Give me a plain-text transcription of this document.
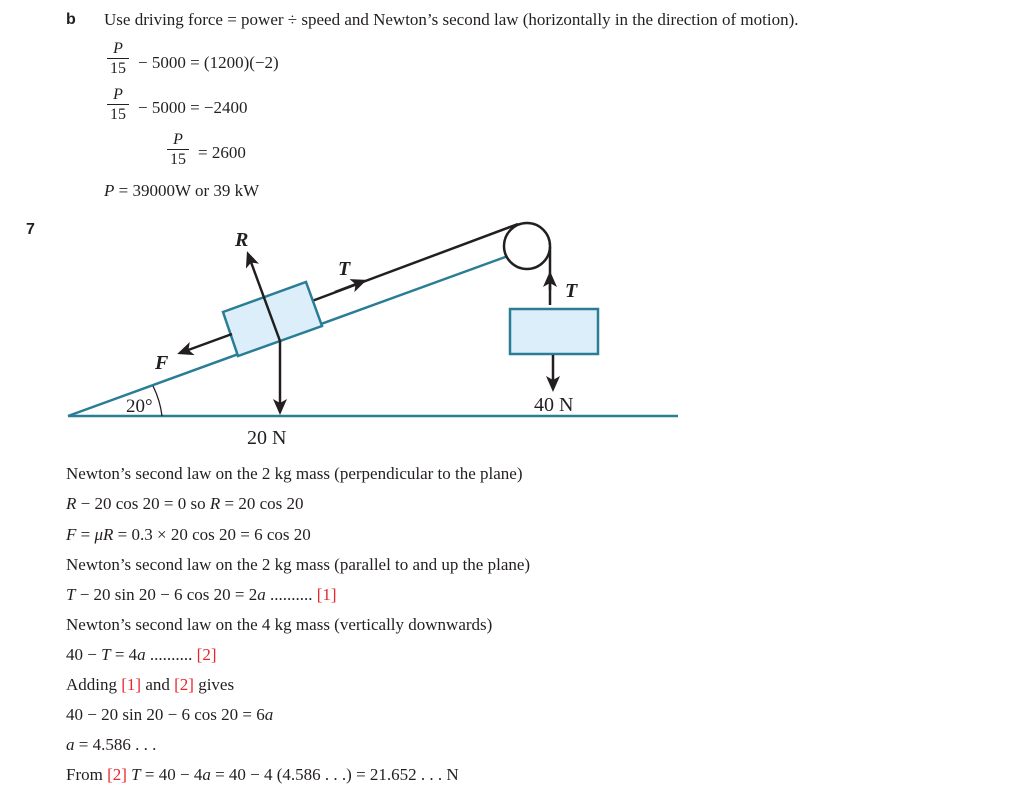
b Use driving force = power ÷ speed and Newton’s second law (horizontally in the direction of motion).
P
15 − 5000 = (1200)(−2)
P
15 − 5000 = −2400
P
15 = 2600
P = 39000W or 39 kW
7	R
T
T
F
20°
20 N
40 N
Newton’s second law on the 2 kg mass (perpendicular to the plane)
R − 20 cos 20 = 0 so R = 20 cos 20
F = μR = 0.3 × 20 cos 20 = 6 cos 20
Newton’s second law on the 2 kg mass (parallel to and up the plane)
T − 20 sin 20 − 6 cos 20 = 2a .......... [1]
Newton’s second law on the 4 kg mass (vertically downwards)
40 − T = 4a .......... [2]
Adding [1] and [2] gives
40 − 20 sin 20 − 6 cos 20 = 6a
a = 4.586 . . .
From [2] T = 40 − 4a = 40 − 4 (4.586 . . .) = 21.652 . . . N
